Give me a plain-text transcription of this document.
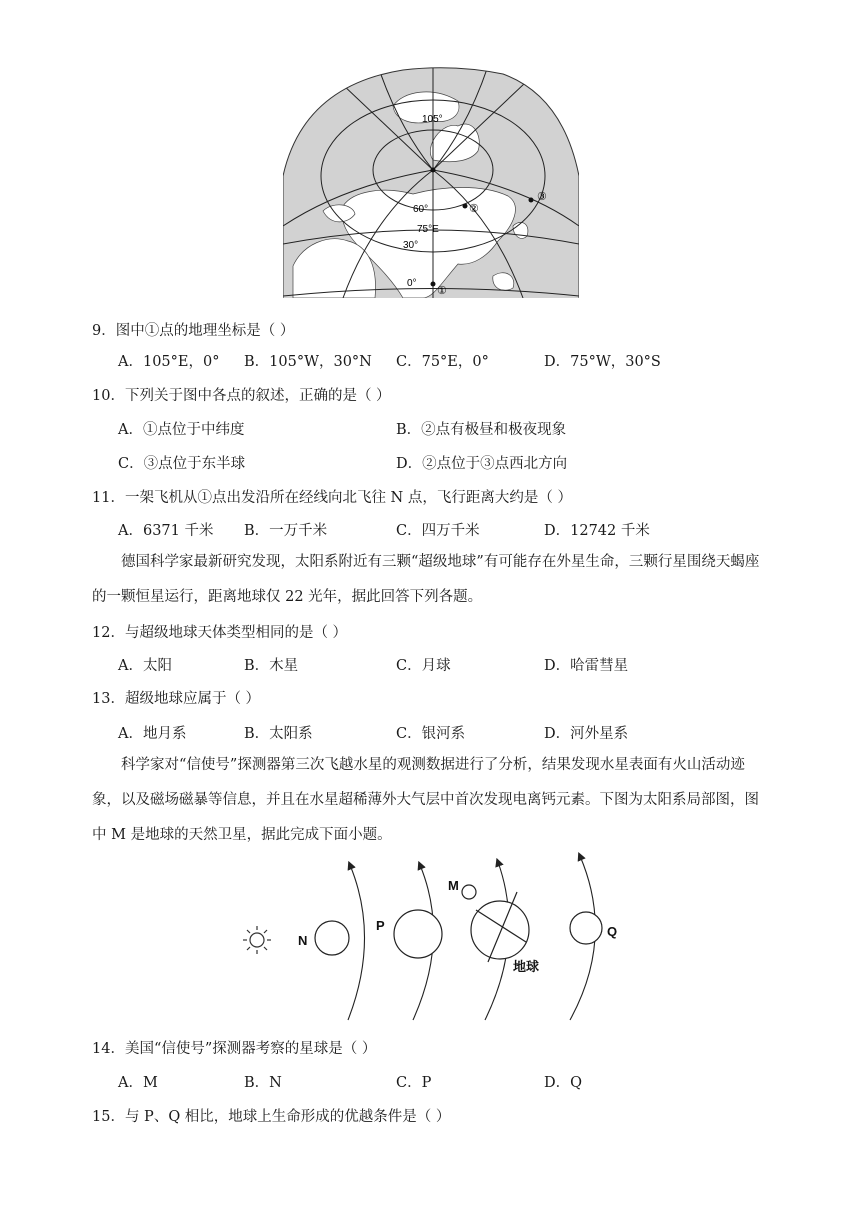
105°
60°
75°E
30°
0°
①
②
③
9．图中①点的地理坐标是（ ）
A．105°E，0° B．105°W，30°N C．75°E，0°	D．75°W，30°S
10．下列关于图中各点的叙述，正确的是（ ）
A．①点位于中纬度	B．②点有极昼和极夜现象
C．③点位于东半球	D．②点位于③点西北方向
11．一架飞机从①点出发沿所在经线向北飞往 N 点，飞行距离大约是（ ）
A．6371 千米 B．一万千米	C．四万千米	D．12742 千米
德国科学家最新研究发现，太阳系附近有三颗“超级地球”有可能存在外星生命，三颗行星围绕天蝎座的一颗恒星运行，距离地球仅 22 光年，据此回答下列各题。
12．与超级地球天体类型相同的是（ ）
A．太阳	B．木星	C．月球	D．哈雷彗星
13．超级地球应属于（ ）
A．地月系	B．太阳系	C．银河系	D．河外星系
科学家对“信使号”探测器第三次飞越水星的观测数据进行了分析，结果发现水星表面有火山活动迹象，以及磁场磁暴等信息，并且在水星超稀薄外大气层中首次发现电离钙元素。下图为太阳系局部图，图中 M 是地球的天然卫星，据此完成下面小题。
N
P
M
Q
地球
14．美国“信使号”探测器考察的星球是（ ）
A．M	B．N	C．P	D．Q
15．与 P、Q 相比，地球上生命形成的优越条件是（ ）
